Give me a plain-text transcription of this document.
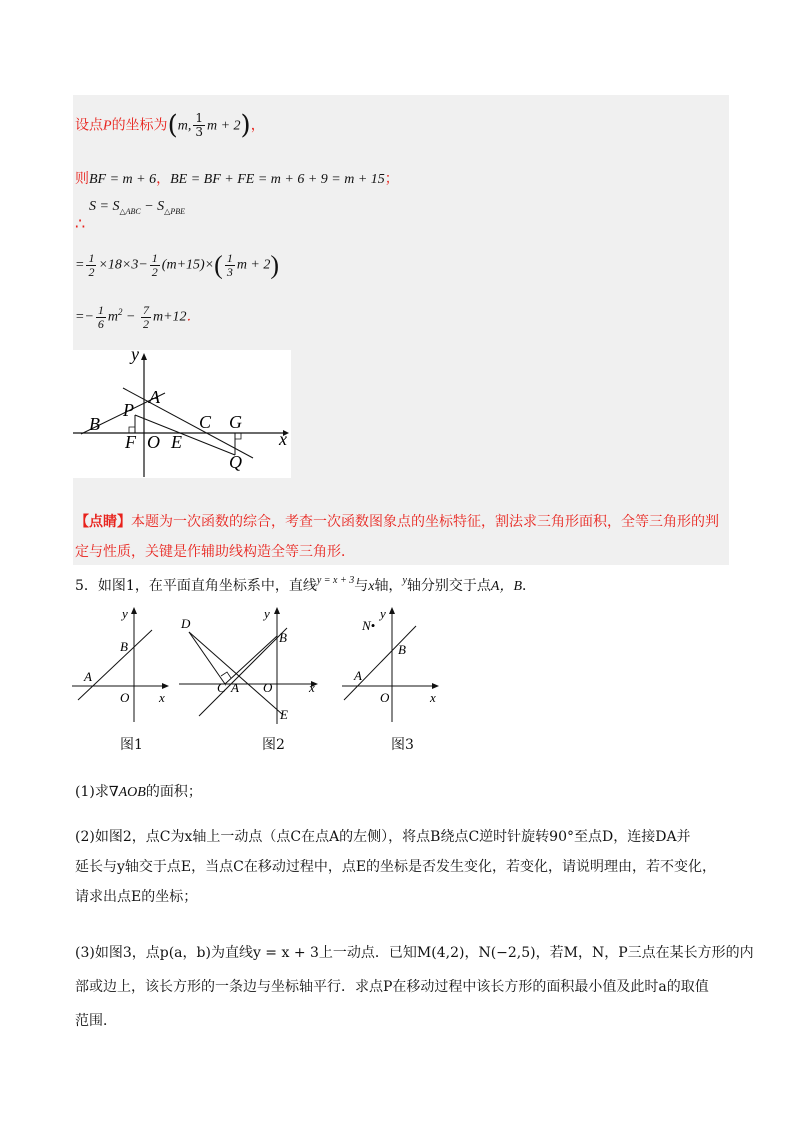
设点P的坐标为(m, $\frac{1}{3}$ m + 2)，
则BF = m + 6，BE = BF + FE = m + 6 + 9 = m + 15；
∴
$S = S_{\triangle ABC} - S_{\triangle PBE}$
= $\frac{1}{2} \times 18\times 3- \frac{1}{2} (m+15)\times( \frac{1}{3}$ m + 2)
=− $\frac{1}{6} m^2 - \frac{7}{2} m+12$．
y
A
P
B	C G
x
F O E
Q
【点睛】本题为一次函数的综合，考查一次函数图象点的坐标特征，割法求三角形面积，全等三角形的判定与性质，关键是作辅助线构造全等三角形．
5．如图1，在平面直角坐标系中，直线$^{y = x + 3}$与x轴，$^y$轴分别交于点A，B．
y
B
A
O x
D
y
B
C A O	x
E
y
N•
B
A
O	x
图1	图2	图3
(1)求∇AOB的面积；
(2)如图2，点C为x轴上一动点（点C在点A的左侧），将点B绕点C逆时针旋转90°至点D，连接DA并
延长与y轴交于点E，当点C在移动过程中，点E的坐标是否发生变化，若变化，请说明理由，若不变化，
请求出点E的坐标；
(3)如图3，点p(a，b)为直线y = x + 3上一动点．已知M(4,2)，N(−2,5)，若M，N，P三点在某长方形的内
部或边上，该长方形的一条边与坐标轴平行．求点P在移动过程中该长方形的面积最小值及此时a的取值
范围．
